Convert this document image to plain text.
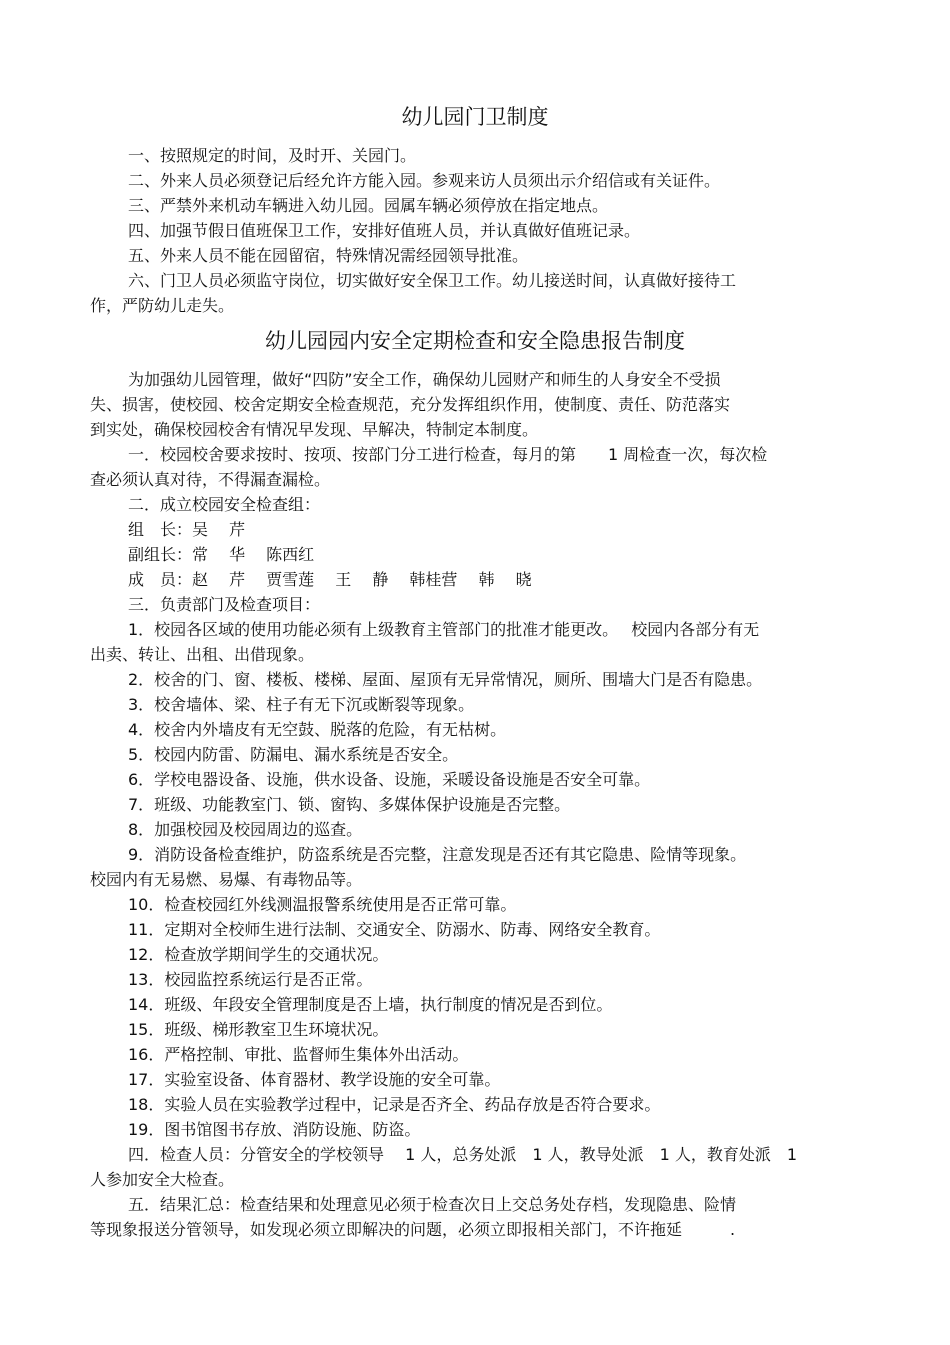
幼儿园门卫制度
一、按照规定的时间，及时开、关园门。
二、外来人员必须登记后经允许方能入园。参观来访人员须出示介绍信或有关证件。
三、严禁外来机动车辆进入幼儿园。园属车辆必须停放在指定地点。
四、加强节假日值班保卫工作，安排好值班人员，并认真做好值班记录。
五、外来人员不能在园留宿，特殊情况需经园领导批准。
六、门卫人员必须监守岗位，切实做好安全保卫工作。幼儿接送时间，认真做好接待工
作，严防幼儿走失。
幼儿园园内安全定期检查和安全隐患报告制度
为加强幼儿园管理，做好“四防”安全工作，确保幼儿园财产和师生的人身安全不受损
失、损害，使校园、校舍定期安全检查规范，充分发挥组织作用，使制度、责任、防范落实
到实处，确保校园校舍有情况早发现、早解决，特制定本制度。
一．校园校舍要求按时、按项、按部门分工进行检查，每月的第　　1 周检查一次，每次检
查必须认真对待，不得漏查漏检。
二．成立校园安全检查组：
组　长：吴　 芹
副组长：常　 华　 陈西红
成　员：赵　 芹　 贾雪莲　 王　 静　 韩桂营　 韩　 晓
三．负责部门及检查项目：
1．校园各区域的使用功能必须有上级教育主管部门的批准才能更改。　 校园内各部分有无
出卖、转让、出租、出借现象。
2．校舍的门、窗、楼板、楼梯、屋面、屋顶有无异常情况，厕所、围墙大门是否有隐患。
3．校舍墙体、梁、柱子有无下沉或断裂等现象。
4．校舍内外墙皮有无空鼓、脱落的危险，有无枯树。
5．校园内防雷、防漏电、漏水系统是否安全。
6．学校电器设备、设施，供水设备、设施，采暖设备设施是否安全可靠。
7．班级、功能教室门、锁、窗钩、多媒体保护设施是否完整。
8．加强校园及校园周边的巡查。
9．消防设备检查维护，防盗系统是否完整，注意发现是否还有其它隐患、险情等现象。
校园内有无易燃、易爆、有毒物品等。
10．检查校园红外线测温报警系统使用是否正常可靠。
11．定期对全校师生进行法制、交通安全、防溺水、防毒、网络安全教育。
12．检查放学期间学生的交通状况。
13．校园监控系统运行是否正常。
14．班级、年段安全管理制度是否上墙，执行制度的情况是否到位。
15．班级、梯形教室卫生环境状况。
16．严格控制、审批、监督师生集体外出活动。
17．实验室设备、体育器材、教学设施的安全可靠。
18．实验人员在实验教学过程中，记录是否齐全、药品存放是否符合要求。
19．图书馆图书存放、消防设施、防盗。
四．检查人员：分管安全的学校领导　 1 人，总务处派　1 人，教导处派　1 人，教育处派　1
人参加安全大检查。
五．结果汇总：检查结果和处理意见必须于检查次日上交总务处存档，发现隐患、险情
等现象报送分管领导，如发现必须立即解决的问题，必须立即报相关部门，不许拖延　　　.
